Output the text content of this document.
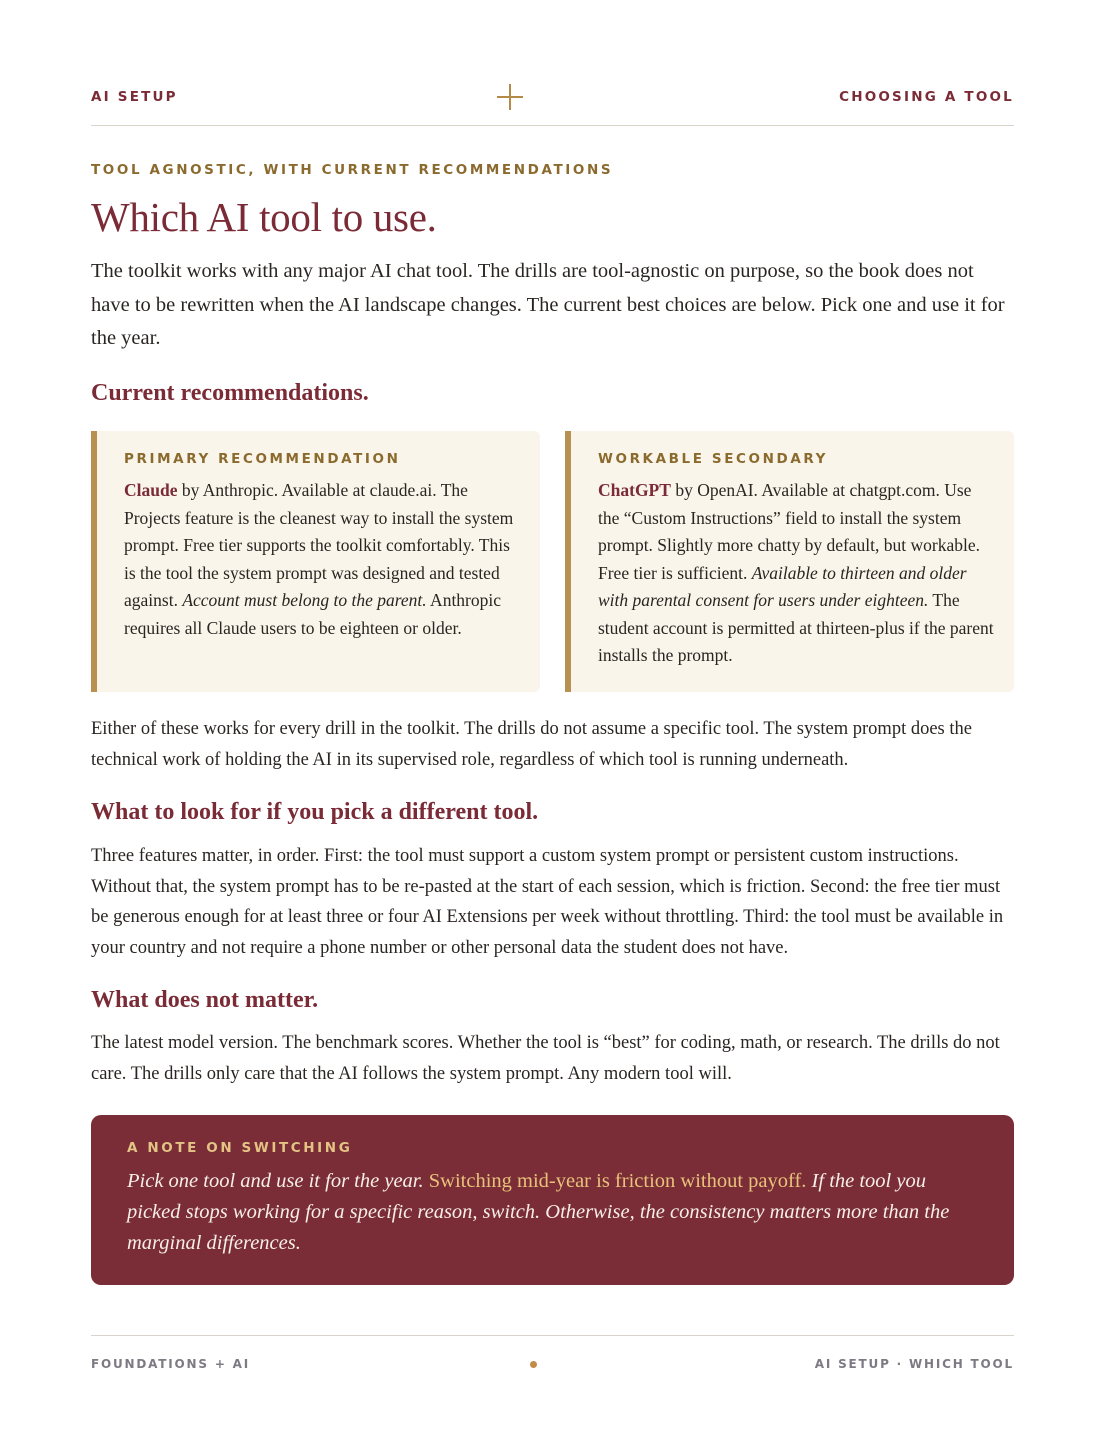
AI SETUP	CHOOSING A TOOL
TOOL AGNOSTIC, WITH CURRENT RECOMMENDATIONS
Which AI tool to use.

The toolkit works with any major AI chat tool. The drills are tool-agnostic on purpose, so the book does not have to be rewritten when the AI landscape changes. The current best choices are below. Pick one and use it for the year.

Current recommendations.
PRIMARY RECOMMENDATION
Claude by Anthropic. Available at claude.ai. The Projects feature is the cleanest way to install the system prompt. Free tier supports the toolkit comfortably. This is the tool the system prompt was designed and tested against. Account must belong to the parent. Anthropic requires all Claude users to be eighteen or older.
WORKABLE SECONDARY
ChatGPT by OpenAI. Available at chatgpt.com. Use the “Custom Instructions” field to install the system prompt. Slightly more chatty by default, but workable. Free tier is sufficient. Available to thirteen and older with parental consent for users under eighteen. The student account is permitted at thirteen-plus if the parent installs the prompt.

Either of these works for every drill in the toolkit. The drills do not assume a specific tool. The system prompt does the technical work of holding the AI in its supervised role, regardless of which tool is running underneath.

What to look for if you pick a different tool.

Three features matter, in order. First: the tool must support a custom system prompt or persistent custom instructions. Without that, the system prompt has to be re-pasted at the start of each session, which is friction. Second: the free tier must be generous enough for at least three or four AI Extensions per week without throttling. Third: the tool must be available in your country and not require a phone number or other personal data the student does not have.

What does not matter.

The latest model version. The benchmark scores. Whether the tool is “best” for coding, math, or research. The drills do not care. The drills only care that the AI follows the system prompt. Any modern tool will.

A NOTE ON SWITCHING
Pick one tool and use it for the year. Switching mid-year is friction without payoff. If the tool you picked stops working for a specific reason, switch. Otherwise, the consistency matters more than the marginal differences.
FOUNDATIONS + AI	AI SETUP · WHICH TOOL
